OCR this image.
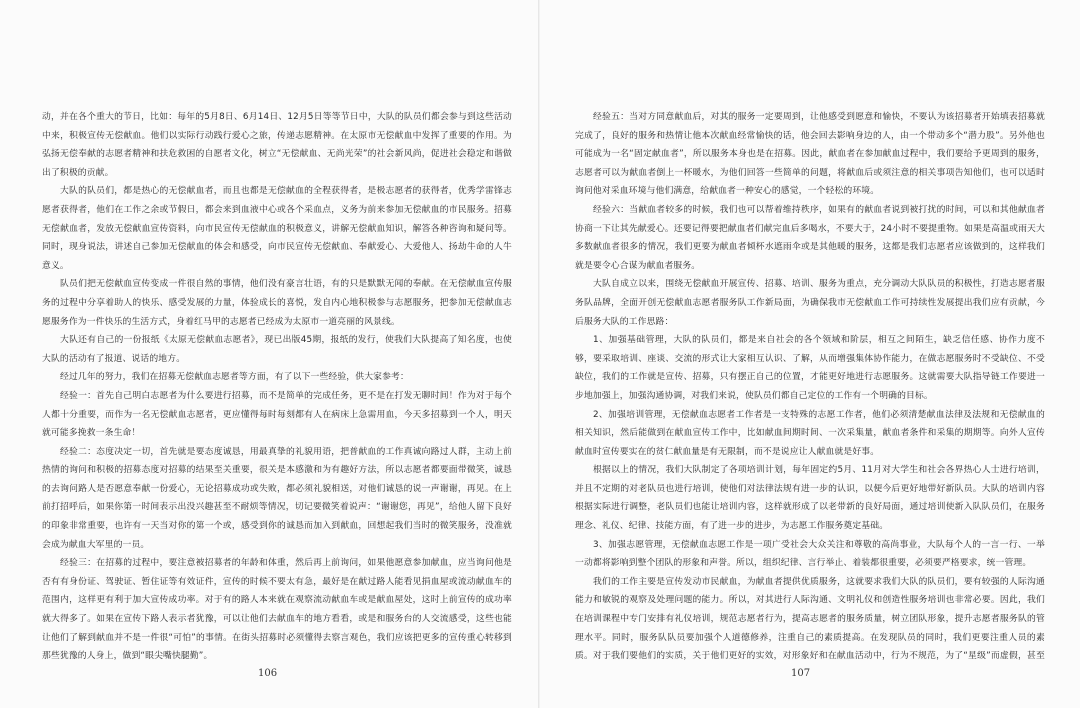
动，并在各个重大的节日，比如：每年的5月8日、6月14日、12月5日等等节日中，大队的队员们都会参与到这些活动中来，积极宣传无偿献血。他们以实际行动践行爱心之旅，传递志愿精神。在太原市无偿献血中发挥了重要的作用。为弘扬无偿奉献的志愿者精神和扶危救困的自愿者文化，树立“无偿献血、无尚光荣”的社会新风尚，促进社会稳定和谐做出了积极的贡献。

大队的队员们，都是热心的无偿献血者，而且也都是无偿献血的全程获得者，是极志愿者的获得者，优秀学雷锋志愿者获得者，他们在工作之余或节假日，都会来到血液中心或各个采血点，义务为前来参加无偿献血的市民服务。招募无偿献血者，发放无偿献血宣传资料，向市民宣传无偿献血的积极意义，讲解无偿献血知识，解答各种咨询和疑问等。同时，现身说法，讲述自己参加无偿献血的体会和感受，向市民宣传无偿献血、奉献爱心、大爱他人、扬劫牛命的人牛意义。

队员们把无偿献血宣传变成一件很自然的事情，他们没有豪言壮语，有的只是默默无闻的奉献。在无偿献血宣传服务的过程中分享着助人的快乐、感受发展的力量，体验成长的喜悦，发自内心地积极参与志愿服务，把参加无偿献血志愿服务作为一件快乐的生活方式，身着红马甲的志愿者已经成为太原市一道亮丽的风景线。

大队还有自己的一份报纸《太原无偿献血志愿者》，现已出版45期，报纸的发行，使我们大队提高了知名度，也使大队的活动有了报道、说话的地方。

经过几年的努力，我们在招募无偿献血志愿者等方面，有了以下一些经验，供大家参考：

经验一：首先自己明白志愿者为什么要进行招募，而不是简单的完成任务，更不是在打发无聊时间！作为对于每个人都十分重要，而作为一名无偿献血志愿者，更应懂得每时每刻都有人在病床上急需用血，今天多招募到一个人，明天就可能多挽救一条生命！

经验二：态度决定一切，首先就是要态度诚恳，用最真挚的礼貌用语，把普献血的工作真诚向路过人群，主动上前热情的询问和积极的招募态度对招募的结果至关重要，很关是本感激和为有趣好方法，所以志愿者都要面带微笑，诚恳的去询问路人是否愿意奉献一份爱心，无论招募成功或失败，都必须礼貌相送，对他们诚恳的说一声谢谢，再见。在上前打招呼后，如果你第一时间表示出没兴趣甚至不耐烦等情况，切记要微笑着说声：“谢谢您，再见”，给他人留下良好的印象非常重要，也许有一天当对你的第一个或，感受到你的诚恳而加入到献血，回想起我们当时的微笑服务，没准就会成为献血大军里的一员。

经验三：在招募的过程中，要注意被招募者的年龄和体重，然后再上前询问，如果他愿意参加献血，应当询问他是否有有身份证、驾驶证、暂住证等有效证件，宣传的时候不要太有急，最好是在献过路人能看见捐血屋或流动献血车的范围内，这样更有利于加大宣传成功率。对于有的路人本来就在观察流动献血车或是献血屋处，这时上前宣传的成功率就大得多了。如果在宣传下路人表示者犹豫，可以让他们去献血车的地方看看，或是和服务台的人交流感受，这些也能让他们了解到献血并不是一件很“可怕”的事情。在街头招募时必须懂得去察言观色，我们应该把更多的宣传重心转移到那些犹豫的人身上，做到“眼尖嘴快腿勤”。

经验五：当对方同意献血后，对其的服务一定要周到，让他感受到愿意和愉快，不要认为该招募者开始填表招募就完成了，良好的服务和热情让他本次献血经常愉快的话，他会回去影响身边的人，由一个带动多个“潜力股”。另外他也可能成为一名“固定献血者”，所以服务本身也是在招募。因此，献血者在参加献血过程中，我们要给予更周到的服务，志愿者可以为献血者倒上一杯暖水，为他们回答一些简单的问题，将献血后或须注意的相关事项告知他们，也可以适时询问他对采血环境与他们满意，给献血者一种安心的感觉，一个轻松的环境。

经验六：当献血者较多的时候，我们也可以帮着维持秩序，如果有的献血者说到被打扰的时间，可以和其他献血者协商一下让其先献爱心。还要记得要把献血者们献完血后多喝水，不要大于，24小时不要提重物。如果是高温或雨天大多数献血者很多的情况，我们更要为献血者倾杯水遮雨伞或是其他暖的服务，这都是我们志愿者应该做到的，这样我们就是要令心合谋为献血者服务。

大队自成立以来，围绕无偿献血开展宣传、招募、培训、服务为重点，充分调动大队队员的积极性，打造志愿者服务队品牌，全面开创无偿献血志愿者服务队工作新局面，为确保我市无偿献血工作可持续性发展提出我们应有贡献，今后服务大队的工作思路：

1、加强基础管理，大队的队员们，都是来自社会的各个领域和阶层，相互之间陌生，缺乏信任感、协作力度不够，要采取培训、座谈、交流的形式让大家相互认识、了解，从而增强集体协作能力，在做志愿服务时不受缺位、不受缺位，我们的工作就是宣传、招募，只有摆正自己的位置，才能更好地进行志愿服务。这就需要大队指导链工作要进一步地加强上，加强沟通协调，对我们来说，使队员们都自己定位的工作有一个明确的目标。

2、加强培训管理，无偿献血志愿者工作者是一支特殊的志愿工作者，他们必须清楚献血法律及法规和无偿献血的相关知识，然后能做到在献血宣传工作中，比如献血间期时间、一次采集量，献血者条件和采集的期期等。向外人宣传献血时宣传要实在的贫仁献血量是有无限制，而不是说应让人献血就是好事。

根据以上的情况，我们大队制定了各项培训计划，每年固定约5月、11月对大学生和社会各界热心人士进行培训，并且不定期的对老队员也进行培训，使他们对法律法规有进一步的认识，以便今后更好地带好新队员。大队的培训内容根据实际进行调整，老队员们也能让培训内容，这样就形成了以老带新的良好局面，通过培训使新入队队员们，在服务理念、礼仪、纪律、技能方面，有了进一步的进步，为志愿工作服务奠定基础。

3、加强志愿管理，无偿献血志愿工作是一项广受社会大众关注和尊敬的高尚事业，大队每个人的一言一行、一举一动都将影响到整个团队的形象和声誉。所以，组织纪律、言行举止、着装都很重要，必须要严格要求，统一管理。

我们的工作主要是宣传发动市民献血，为献血者提供优质服务，这就要求我们大队的队员们，要有较强的人际沟通能力和敏锐的观察及处理问题的能力。所以，对其进行人际沟通、文明礼仪和创造性服务培训也非常必要。因此，我们在培训课程中专门安排有礼仪培训，规范志愿者行为，提高志愿者的服务质量，树立团队形象，提升志愿者服务队的管理水平。同时，服务队队员要加强个人道德修养，注重自己的素质提高。在发现队员的同时，我们更要注重人员的素质。对于我们要他们的实质，关于他们更好的实效，对形象好和在献血活动中，行为不规范，为了“星级”而虚假，甚至

106	107
